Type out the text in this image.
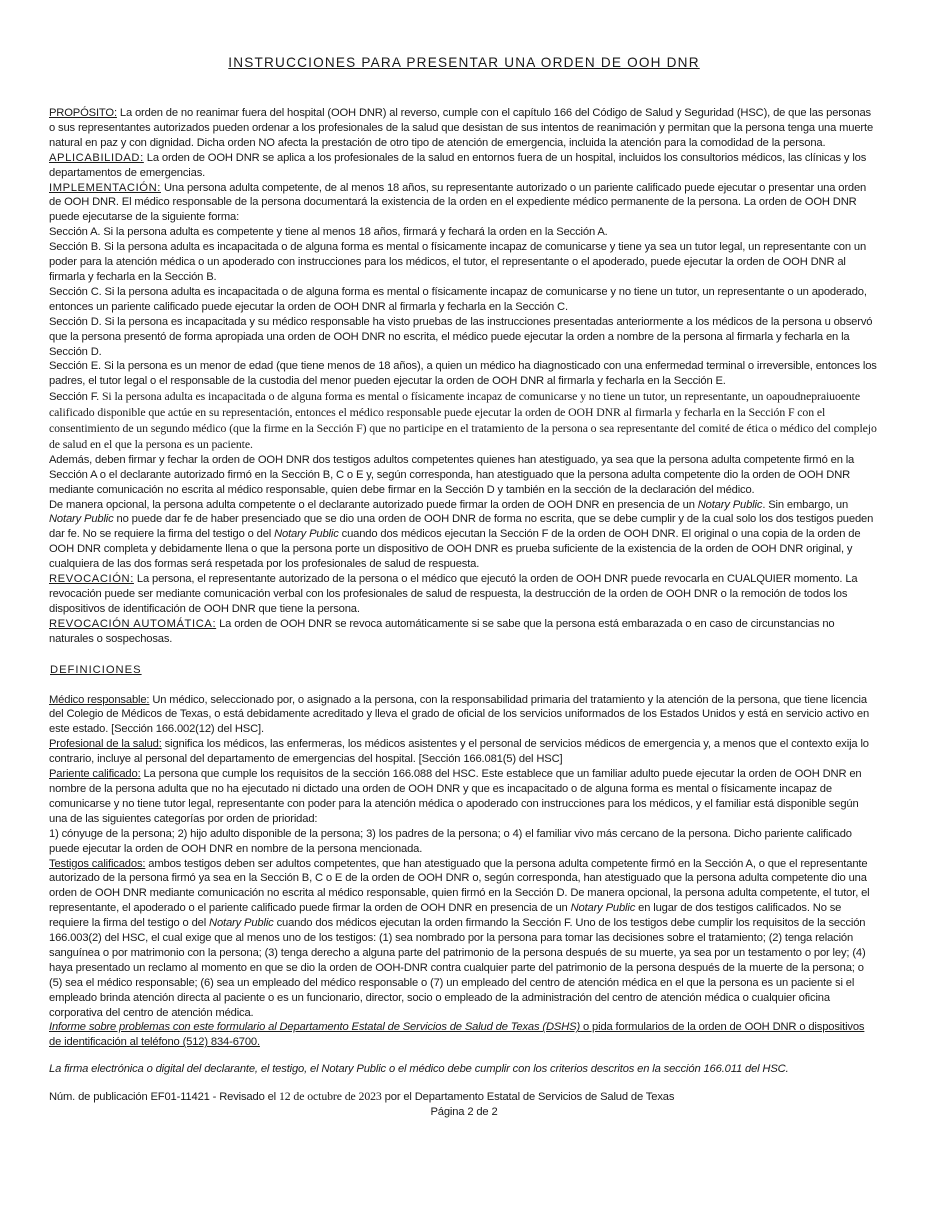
INSTRUCCIONES PARA PRESENTAR UNA ORDEN DE OOH DNR

PROPÓSITO: La orden de no reanimar fuera del hospital (OOH DNR) al reverso, cumple con el capítulo 166 del Código de Salud y Seguridad (HSC), de que las personas o sus representantes autorizados pueden ordenar a los profesionales de la salud que desistan de sus intentos de reanimación y permitan que la persona tenga una muerte natural en paz y con dignidad. Dicha orden NO afecta la prestación de otro tipo de atención de emergencia, incluida la atención para la comodidad de la persona.

APLICABILIDAD: La orden de OOH DNR se aplica a los profesionales de la salud en entornos fuera de un hospital, incluidos los consultorios médicos, las clínicas y los departamentos de emergencias.

IMPLEMENTACIÓN: Una persona adulta competente, de al menos 18 años, su representante autorizado o un pariente calificado puede ejecutar o presentar una orden de OOH DNR. El médico responsable de la persona documentará la existencia de la orden en el expediente médico permanente de la persona. La orden de OOH DNR puede ejecutarse de la siguiente forma:

Sección A. Si la persona adulta es competente y tiene al menos 18 años, firmará y fechará la orden en la Sección A.

Sección B. Si la persona adulta es incapacitada o de alguna forma es mental o físicamente incapaz de comunicarse y tiene ya sea un tutor legal, un representante con un poder para la atención médica o un apoderado con instrucciones para los médicos, el tutor, el representante o el apoderado, puede ejecutar la orden de OOH DNR al firmarla y fecharla en la Sección B.

Sección C. Si la persona adulta es incapacitada o de alguna forma es mental o físicamente incapaz de comunicarse y no tiene un tutor, un representante o un apoderado, entonces un pariente calificado puede ejecutar la orden de OOH DNR al firmarla y fecharla en la Sección C.

Sección D. Si la persona es incapacitada y su médico responsable ha visto pruebas de las instrucciones presentadas anteriormente a los médicos de la persona u observó que la persona presentó de forma apropiada una orden de OOH DNR no escrita, el médico puede ejecutar la orden a nombre de la persona al firmarla y fecharla en la Sección D.

Sección E. Si la persona es un menor de edad (que tiene menos de 18 años), a quien un médico ha diagnosticado con una enfermedad terminal o irreversible, entonces los padres, el tutor legal o el responsable de la custodia del menor pueden ejecutar la orden de OOH DNR al firmarla y fecharla en la Sección E.

Sección F. Si la persona adulta es incapacitada o de alguna forma es mental o físicamente incapaz de comunicarse y no tiene un tutor, un representante, un oapoudnepraiuoente calificado disponible que actúe en su representación, entonces el médico responsable puede ejecutar la orden de OOH DNR al firmarla y fecharla en la Sección F con el consentimiento de un segundo médico (que la firme en la Sección F) que no participe en el tratamiento de la persona o sea representante del comité de ética o médico del complejo de salud en el que la persona es un paciente.

Además, deben firmar y fechar la orden de OOH DNR dos testigos adultos competentes quienes han atestiguado, ya sea que la persona adulta competente firmó en la Sección A o el declarante autorizado firmó en la Sección B, C o E y, según corresponda, han atestiguado que la persona adulta competente dio la orden de OOH DNR mediante comunicación no escrita al médico responsable, quien debe firmar en la Sección D y también en la sección de la declaración del médico.

De manera opcional, la persona adulta competente o el declarante autorizado puede firmar la orden de OOH DNR en presencia de un Notary Public. Sin embargo, un Notary Public no puede dar fe de haber presenciado que se dio una orden de OOH DNR de forma no escrita, que se debe cumplir y de la cual solo los dos testigos pueden dar fe. No se requiere la firma del testigo o del Notary Public cuando dos médicos ejecutan la Sección F de la orden de OOH DNR. El original o una copia de la orden de OOH DNR completa y debidamente llena o que la persona porte un dispositivo de OOH DNR es prueba suficiente de la existencia de la orden de OOH DNR original, y cualquiera de las dos formas será respetada por los profesionales de salud de respuesta.

REVOCACIÓN: La persona, el representante autorizado de la persona o el médico que ejecutó la orden de OOH DNR puede revocarla en CUALQUIER momento. La revocación puede ser mediante comunicación verbal con los profesionales de salud de respuesta, la destrucción de la orden de OOH DNR o la remoción de todos los dispositivos de identificación de OOH DNR que tiene la persona.

REVOCACIÓN AUTOMÁTICA: La orden de OOH DNR se revoca automáticamente si se sabe que la persona está embarazada o en caso de circunstancias no naturales o sospechosas.

DEFINICIONES

Médico responsable: Un médico, seleccionado por, o asignado a la persona, con la responsabilidad primaria del tratamiento y la atención de la persona, que tiene licencia del Colegio de Médicos de Texas, o está debidamente acreditado y lleva el grado de oficial de los servicios uniformados de los Estados Unidos y está en servicio activo en este estado. [Sección 166.002(12) del HSC].

Profesional de la salud: significa los médicos, las enfermeras, los médicos asistentes y el personal de servicios médicos de emergencia y, a menos que el contexto exija lo contrario, incluye al personal del departamento de emergencias del hospital. [Sección 166.081(5) del HSC]

Pariente calificado: La persona que cumple los requisitos de la sección 166.088 del HSC. Este establece que un familiar adulto puede ejecutar la orden de OOH DNR en nombre de la persona adulta que no ha ejecutado ni dictado una orden de OOH DNR y que es incapacitado o de alguna forma es mental o físicamente incapaz de comunicarse y no tiene tutor legal, representante con poder para la atención médica o apoderado con instrucciones para los médicos, y el familiar está disponible según una de las siguientes categorías por orden de prioridad:

1) cónyuge de la persona; 2) hijo adulto disponible de la persona; 3) los padres de la persona; o 4) el familiar vivo más cercano de la persona. Dicho pariente calificado puede ejecutar la orden de OOH DNR en nombre de la persona mencionada.

Testigos calificados: ambos testigos deben ser adultos competentes, que han atestiguado que la persona adulta competente firmó en la Sección A, o que el representante autorizado de la persona firmó ya sea en la Sección B, C o E de la orden de OOH DNR o, según corresponda, han atestiguado que la persona adulta competente dio una orden de OOH DNR mediante comunicación no escrita al médico responsable, quien firmó en la Sección D. De manera opcional, la persona adulta competente, el tutor, el representante, el apoderado o el pariente calificado puede firmar la orden de OOH DNR en presencia de un Notary Public en lugar de dos testigos calificados. No se requiere la firma del testigo o del Notary Public cuando dos médicos ejecutan la orden firmando la Sección F. Uno de los testigos debe cumplir los requisitos de la sección 166.003(2) del HSC, el cual exige que al menos uno de los testigos: (1) sea nombrado por la persona para tomar las decisiones sobre el tratamiento; (2) tenga relación sanguínea o por matrimonio con la persona; (3) tenga derecho a alguna parte del patrimonio de la persona después de su muerte, ya sea por un testamento o por ley; (4) haya presentado un reclamo al momento en que se dio la orden de OOH-DNR contra cualquier parte del patrimonio de la persona después de la muerte de la persona; o (5) sea el médico responsable; (6) sea un empleado del médico responsable o (7) un empleado del centro de atención médica en el que la persona es un paciente si el empleado brinda atención directa al paciente o es un funcionario, director, socio o empleado de la administración del centro de atención médica o cualquier oficina corporativa del centro de atención médica.

Informe sobre problemas con este formulario al Departamento Estatal de Servicios de Salud de Texas (DSHS) o pida formularios de la orden de OOH DNR o dispositivos de identificación al teléfono (512) 834-6700.

La firma electrónica o digital del declarante, el testigo, el Notary Public o el médico debe cumplir con los criterios descritos en la sección 166.011 del HSC.

Núm. de publicación EF01-11421 - Revisado el 12 de octubre de 2023 por el Departamento Estatal de Servicios de Salud de Texas

Página 2 de 2
